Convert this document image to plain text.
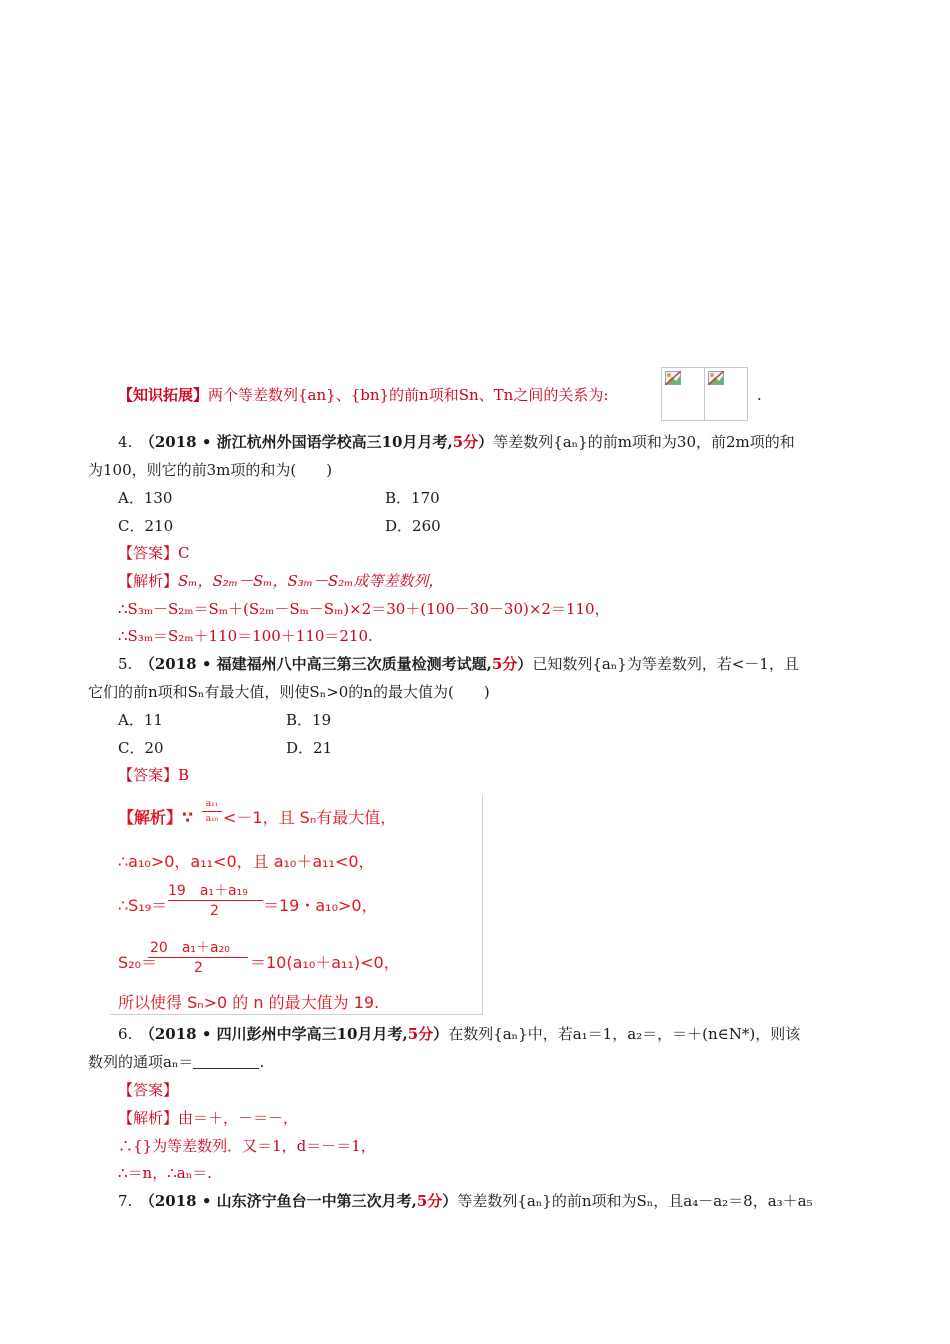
【知识拓展】两个等差数列{an}、{bn}的前n项和Sn、Tn之间的关系为:	.
4.　 （2018 • 浙江杭州外国语学校高三10月月考,5分）等差数列{aₙ}的前m项和为30，前2m项的和
为100，则它的前3m项的和为(　　)
A．130	B．170
C．210	D．260
【答案】C
【解析】Sₘ，S₂ₘ－Sₘ，S₃ₘ－S₂ₘ成等差数列，
∴S₃ₘ－S₂ₘ＝Sₘ＋(S₂ₘ－Sₘ－Sₘ)×2＝30＋(100－30－30)×2＝110，
∴S₃ₘ＝S₂ₘ＋110＝100＋110＝210.
5.　 （2018 • 福建福州八中高三第三次质量检测考试题,5分）已知数列{aₙ}为等差数列，若<－1，且
它们的前n项和Sₙ有最大值，则使Sₙ>0的n的最大值为(　　)
A．11	B．19
C．20	D．21
【答案】B
【解析】∵ $\frac{\text{a₁₁}}{\text{a₁₀}} <-1$，且 Sₙ有最大值，
∴a₁₀>0，a₁₁<0，且 a₁₀＋a₁₁<0，
∴S₁₉＝
19　a₁＋a₁₉
2	＝19・a₁₀>0，
S₂₀＝
20　a₁＋a₂₀
2	＝10(a₁₀＋a₁₁)<0，
所以使得 Sₙ>0 的 n 的最大值为 19.
6.　 （2018 • 四川彭州中学高三10月月考,5分）在数列{aₙ}中，若a₁＝1，a₂＝，＝＋(n∈N*)，则该
数列的通项aₙ＝	.
【答案】
【解析】由＝＋，－＝－，
∴{}为等差数列．又＝1，d＝－＝1，
∴＝n，∴aₙ＝.
7.　 （2018 • 山东济宁鱼台一中第三次月考,5分）等差数列{aₙ}的前n项和为Sₙ，且a₄－a₂＝8，a₃＋a₅
